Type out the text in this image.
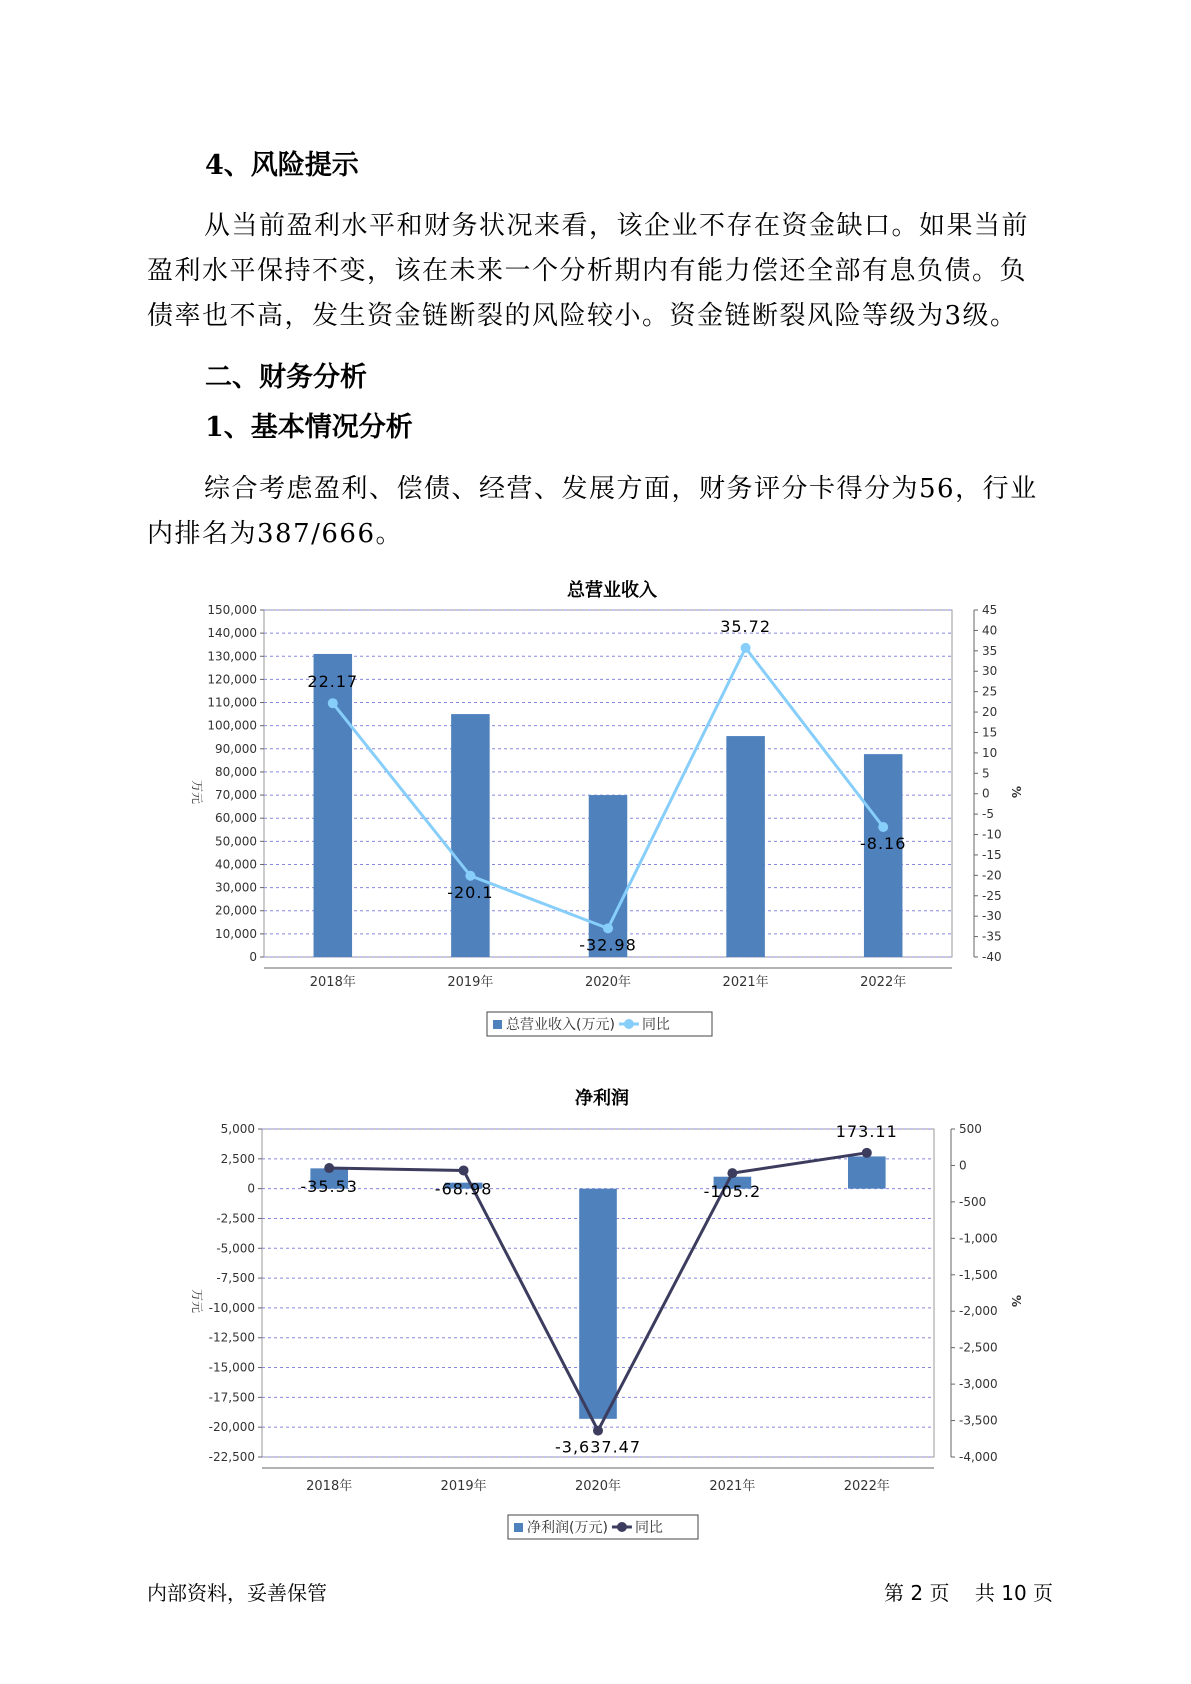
4、风险提示

从当前盈利水平和财务状况来看，该企业不存在资金缺口。如果当前
盈利水平保持不变，该在未来一个分析期内有能力偿还全部有息负债。负
债率也不高，发生资金链断裂的风险较小。资金链断裂风险等级为3级。

二、财务分析
1、基本情况分析

综合考虑盈利、偿债、经营、发展方面，财务评分卡得分为56，行业
内排名为387/666。

总营业收入
0
10,000
20,000
30,000
40,000
50,000
60,000
70,000
80,000
90,000
100,000
110,000
120,000
130,000
140,000
150,000
-40
-35
-30
-25
-20
-15
-10
-5
0
5
10
15
20
25
30
35
40
45
万元	%
2018年	2019年	2020年	2021年	2022年
22.17
-20.1
-32.98
35.72
-8.16
总营业收入(万元) 同比
净利润
-22,500
-20,000
-17,500
-15,000
-12,500
-10,000
-7,500
-5,000
-2,500
0
2,500
5,000
-4,000
-3,500
-3,000
-2,500
-2,000
-1,500
-1,000
-500
0
500
万元	%
2018年	2019年	2020年	2021年	2022年
-35.53	-68.98
-3,637.47
-105.2
173.11
净利润(万元) 同比
内部资料，妥善保管	第 2 页    共 10 页
